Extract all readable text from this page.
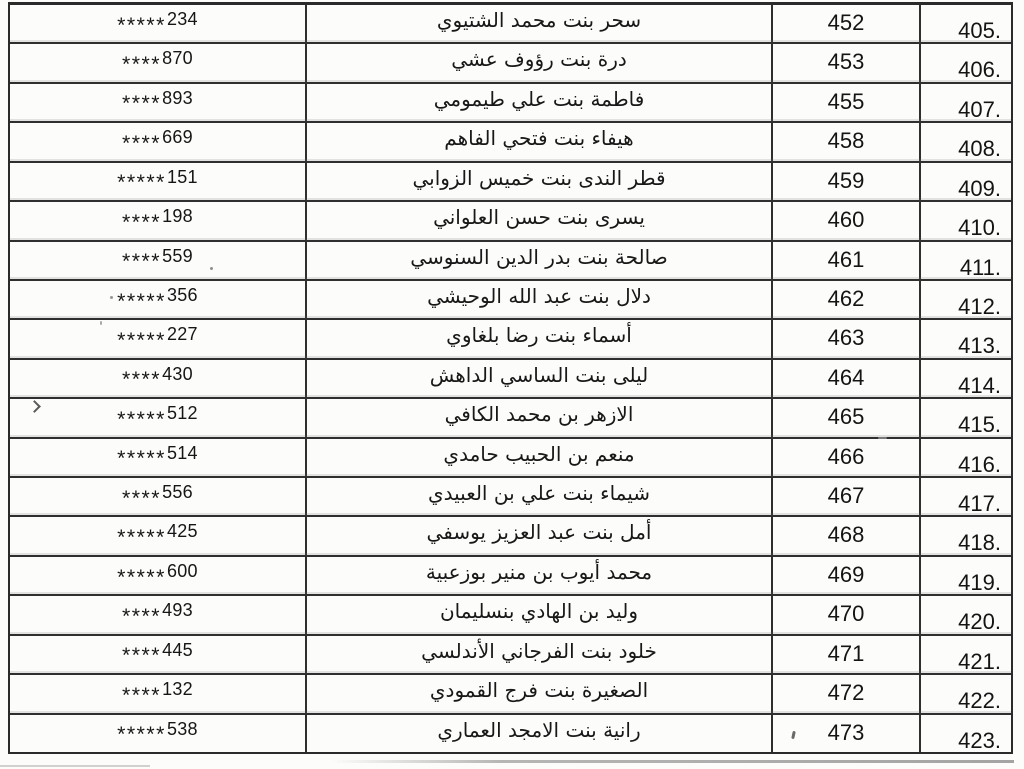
***** 234	سحر بنت محمد الشتيوي	452	405.
**** 870	درة بنت رؤوف عشي	453	406.
**** 893	فاطمة بنت علي طيمومي	455	407.
**** 669	هيفاء بنت فتحي الفاهم	458	408.
***** 151	قطر الندى بنت خميس الزوابي	459	409.
**** 198	يسرى بنت حسن العلواني	460	410.
**** 559	صالحة بنت بدر الدين السنوسي	461	411.
***** 356	دلال بنت عبد الله الوحيشي	462	412.
***** 227	أسماء بنت رضا بلغاوي	463	413.
**** 430	ليلى بنت الساسي الداهش	464	414.
***** 512	الازهر بن محمد الكافي	465	415.
***** 514	منعم بن الحبيب حامدي	466	416.
**** 556	شيماء بنت علي بن العبيدي	467	417.
***** 425	أمل بنت عبد العزيز يوسفي	468	418.
***** 600	محمد أيوب بن منير بوزعبية	469	419.
**** 493	وليد بن الهادي بنسليمان	470	420.
**** 445	خلود بنت الفرجاني الأندلسي	471	421.
**** 132	الصغيرة بنت فرج القمودي	472	422.
***** 538	رانية بنت الامجد العماري	473	423.
